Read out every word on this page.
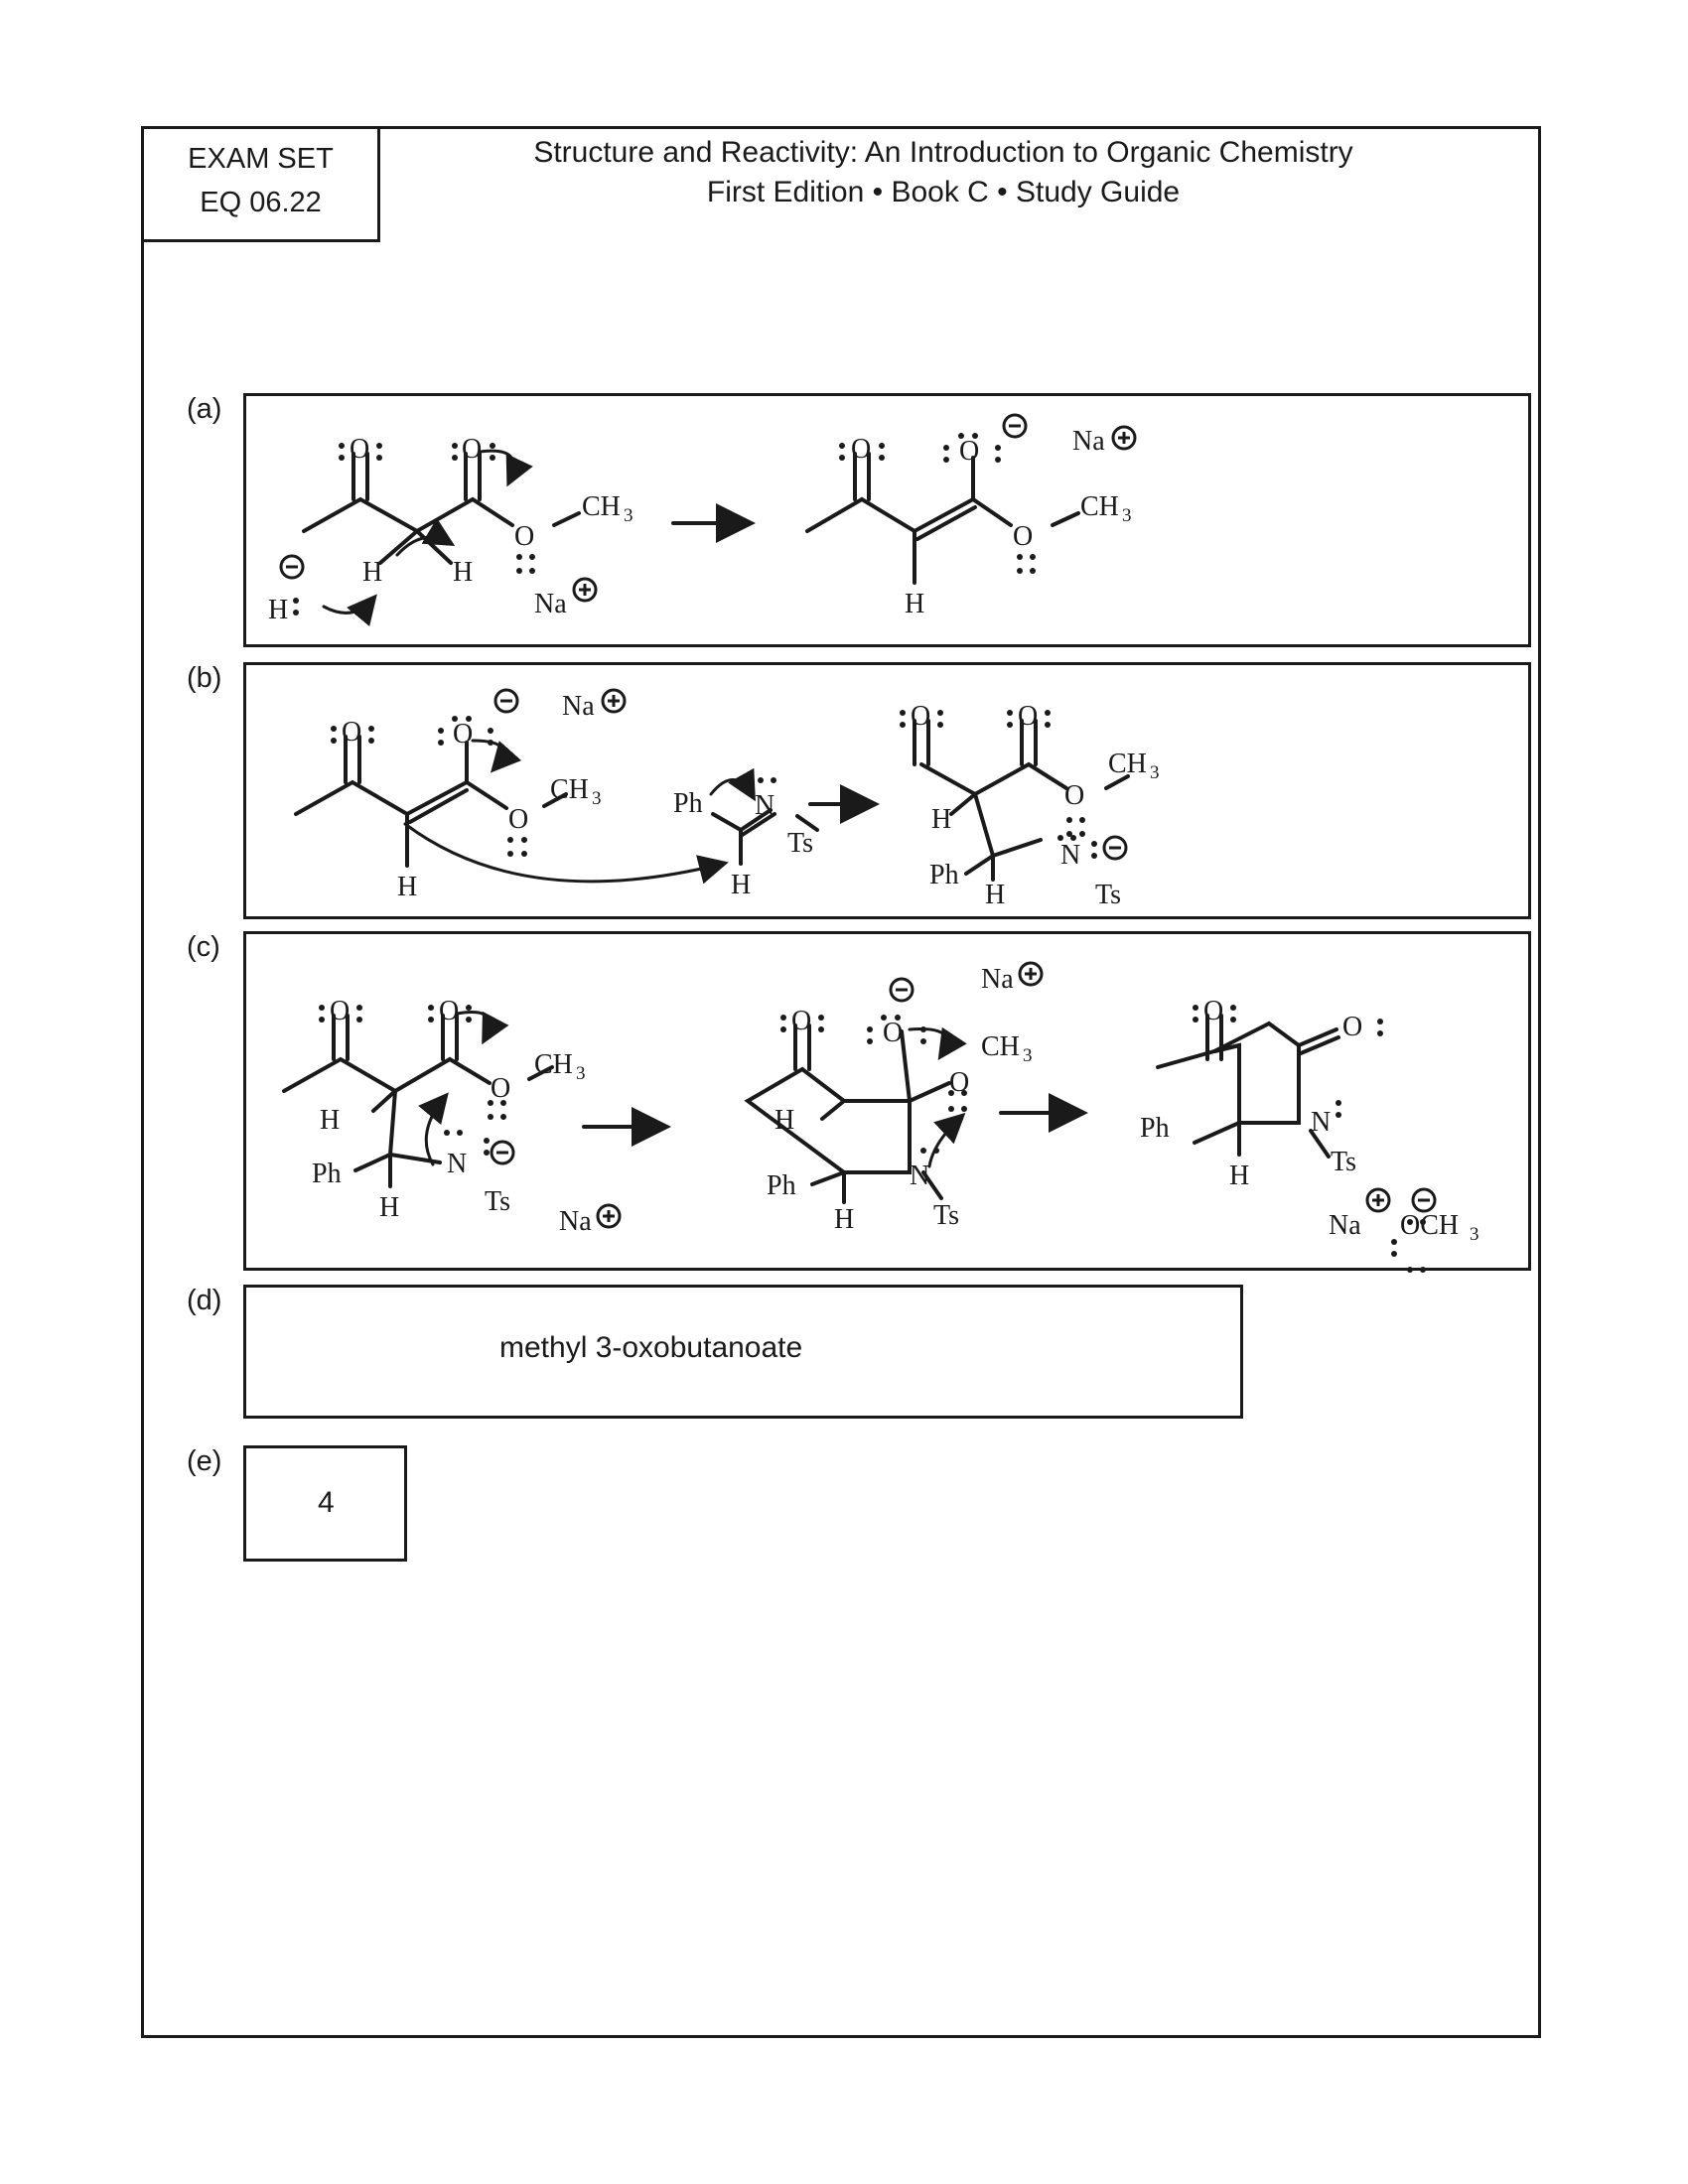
EXAM SET
EQ 06.22
Structure and Reactivity: An Introduction to Organic Chemistry
First Edition • Book C • Study Guide
(a)
O	O
O
CH 3
H	H
H	Na
O	O
O
CH 3
H
Na
(b)
O	O
O
CH 3
H
Na
Ph N
Ts
H
O	O
O
CH 3
H
Ph
H
N
Ts
(c)
O	O
O
CH 3
H
Ph
H
N
Ts
Na
O	O
O
CH 3
H
Ph
H
N
Ts
Na
O
O
N
Ts
Ph
H
Na OCH 3
(d)
methyl 3-oxobutanoate
(e)
4
